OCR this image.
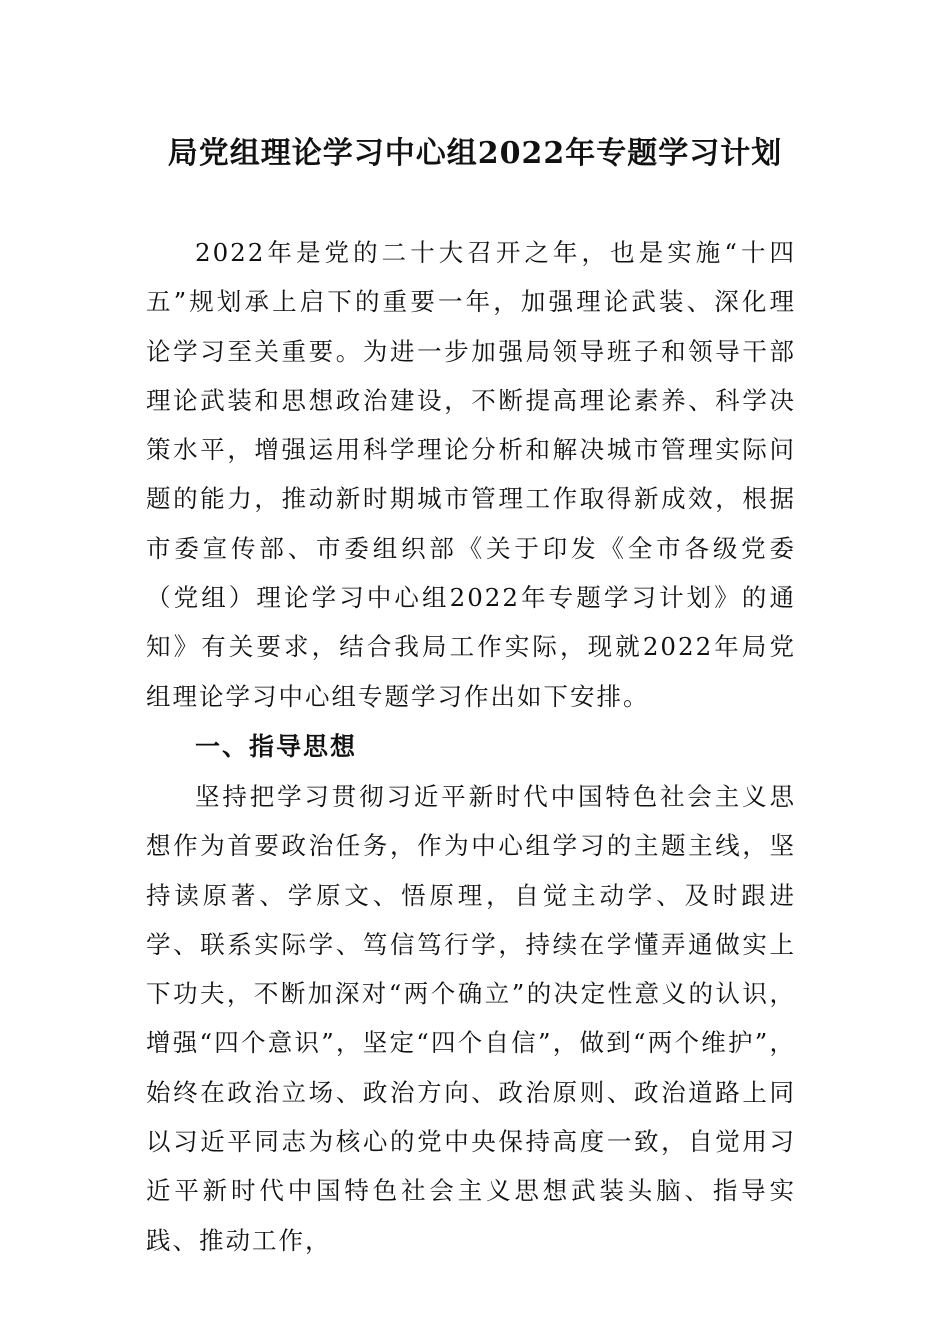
局党组理论学习中心组2022年专题学习计划

2022年是党的二十大召开之年，也是实施“十四五”规划承上启下的重要一年，加强理论武装、深化理论学习至关重要。为进一步加强局领导班子和领导干部理论武装和思想政治建设，不断提高理论素养、科学决策水平，增强运用科学理论分析和解决城市管理实际问题的能力，推动新时期城市管理工作取得新成效，根据市委宣传部、市委组织部《关于印发《全市各级党委（党组）理论学习中心组2022年专题学习计划》的通知》有关要求，结合我局工作实际，现就2022年局党组理论学习中心组专题学习作出如下安排。

一、指导思想

坚持把学习贯彻习近平新时代中国特色社会主义思想作为首要政治任务，作为中心组学习的主题主线，坚持读原著、学原文、悟原理，自觉主动学、及时跟进学、联系实际学、笃信笃行学，持续在学懂弄通做实上下功夫，不断加深对“两个确立”的决定性意义的认识，增强“四个意识”，坚定“四个自信”，做到“两个维护”，始终在政治立场、政治方向、政治原则、政治道路上同以习近平同志为核心的党中央保持高度一致，自觉用习近平新时代中国特色社会主义思想武装头脑、指导实践、推动工作，
